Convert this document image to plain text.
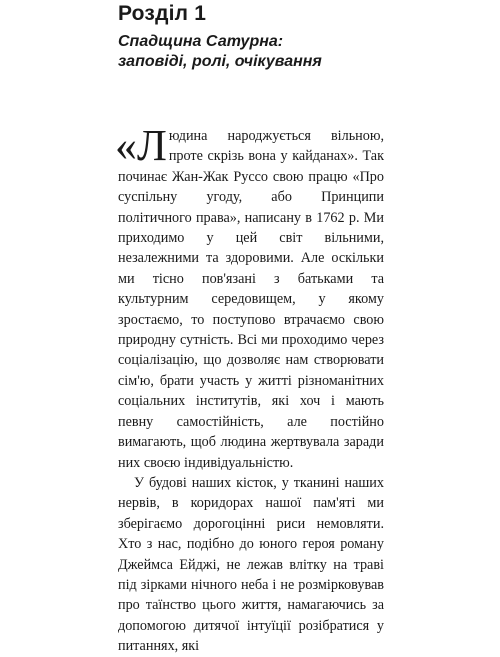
Розділ 1
Спадщина Сатурна:
заповіді, ролі, очікування

«Людина народжується вільною, проте скрізь вона у кайданах». Так починає Жан-Жак Руссо свою працю «Про суспільну угоду, або Принципи політичного права», написану в 1762 р. Ми приходимо у цей світ вільними, незалежними та здоровими. Але оскільки ми тісно пов'язані з батьками та культурним середовищем, у якому зростаємо, то поступово втрачаємо свою природну сутність. Всі ми проходимо через соціалізацію, що дозволяє нам створювати сім'ю, брати участь у житті різноманітних соціальних інститутів, які хоч і мають певну самостійність, але постійно вимагають, щоб людина жертвувала заради них своєю індивідуальністю.

У будові наших кісток, у тканині наших нервів, в коридорах нашої пам'яті ми зберігаємо дорогоцінні риси немовляти. Хто з нас, подібно до юного героя роману Джеймса Ейджі, не лежав влітку на траві під зірками нічного неба і не розмірковував про таїнство цього життя, намагаючись за допомогою дитячої інтуїції розібратися у питаннях, які
